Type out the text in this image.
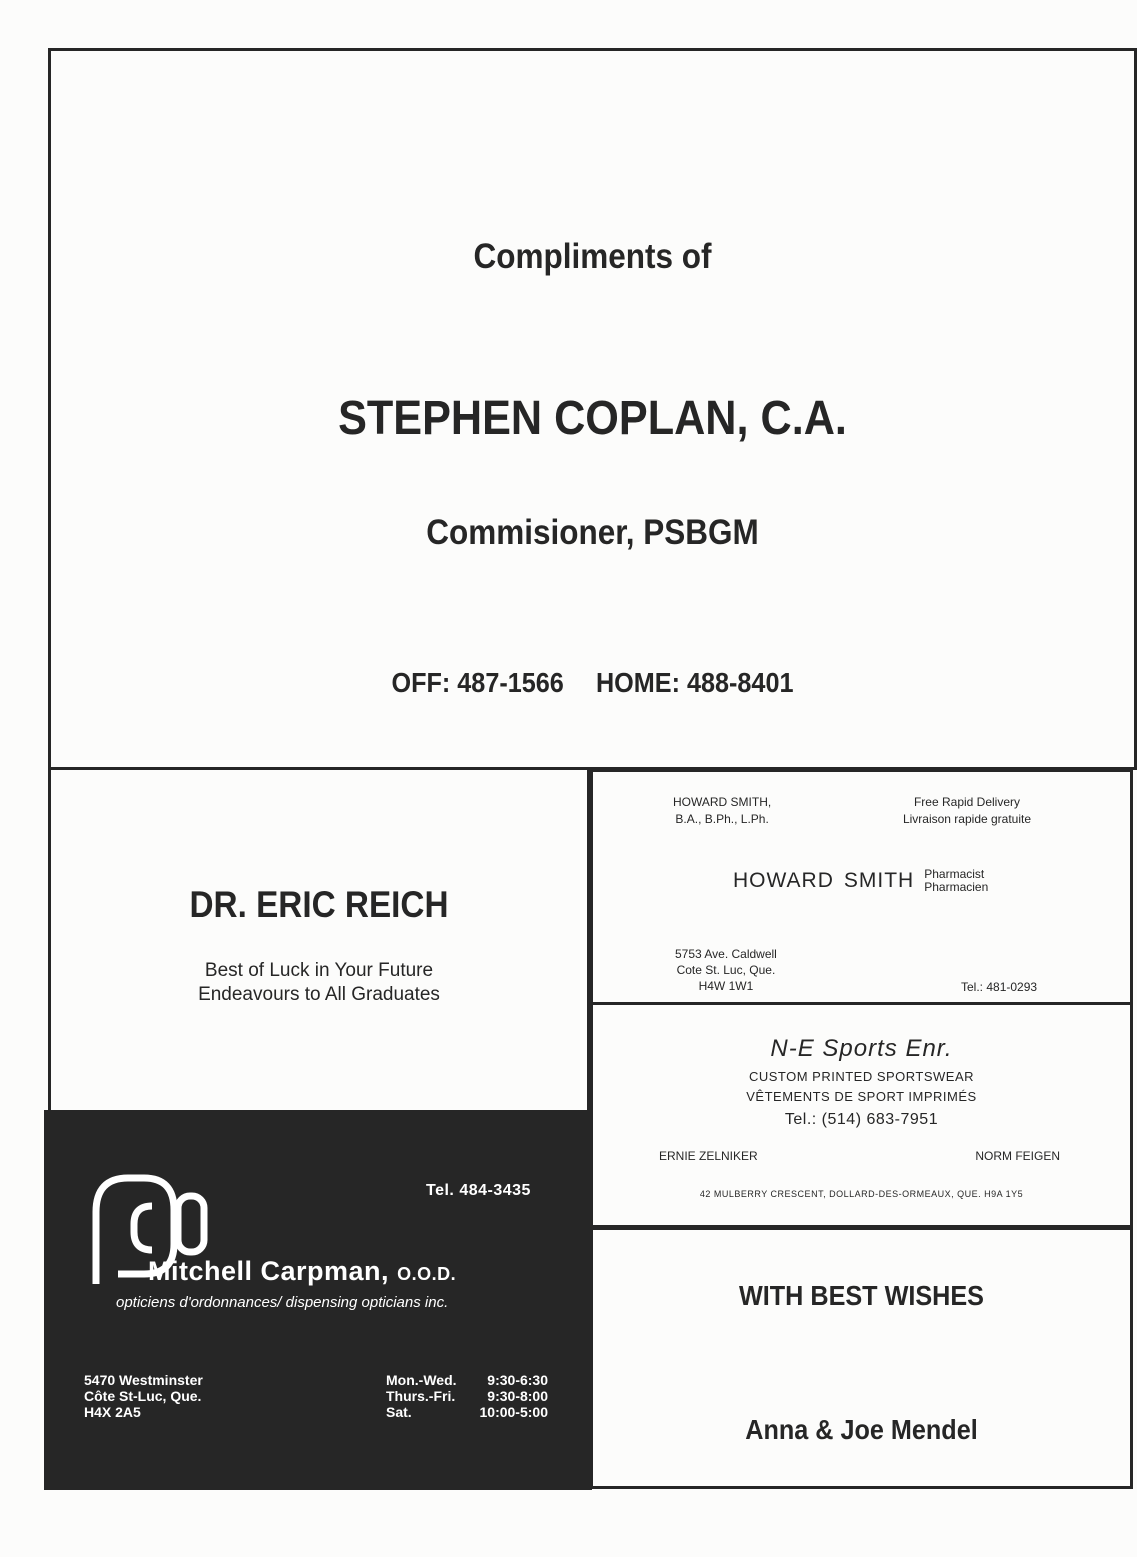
Compliments of
STEPHEN COPLAN, C.A.
Commisioner, PSBGM
OFF: 487-1566 HOME: 488-8401
DR. ERIC REICH
Best of Luck in Your Future
Endeavours to All Graduates
Tel. 484-3435
Mitchell Carpman, O.O.D.
opticiens d'ordonnances/ dispensing opticians inc.
5470 Westminster
Côte St-Luc, Que.
H4X 2A5
Mon.-Wed. 9:30-6:30
Thurs.-Fri. 9:30-8:00
Sat.	10:00-5:00
HOWARD SMITH,
B.A., B.Ph., L.Ph.
Free Rapid Delivery
Livraison rapide gratuite
HOWARD SMITH Pharmacist
Pharmacien
5753 Ave. Caldwell
Cote St. Luc, Que.
H4W 1W1	Tel.: 481-0293
N-E Sports Enr.
CUSTOM PRINTED SPORTSWEAR
VÊTEMENTS DE SPORT IMPRIMÉS
Tel.: (514) 683-7951
ERNIE ZELNIKER	NORM FEIGEN
42 MULBERRY CRESCENT, DOLLARD-DES-ORMEAUX, QUE. H9A 1Y5
WITH BEST WISHES
Anna & Joe Mendel
